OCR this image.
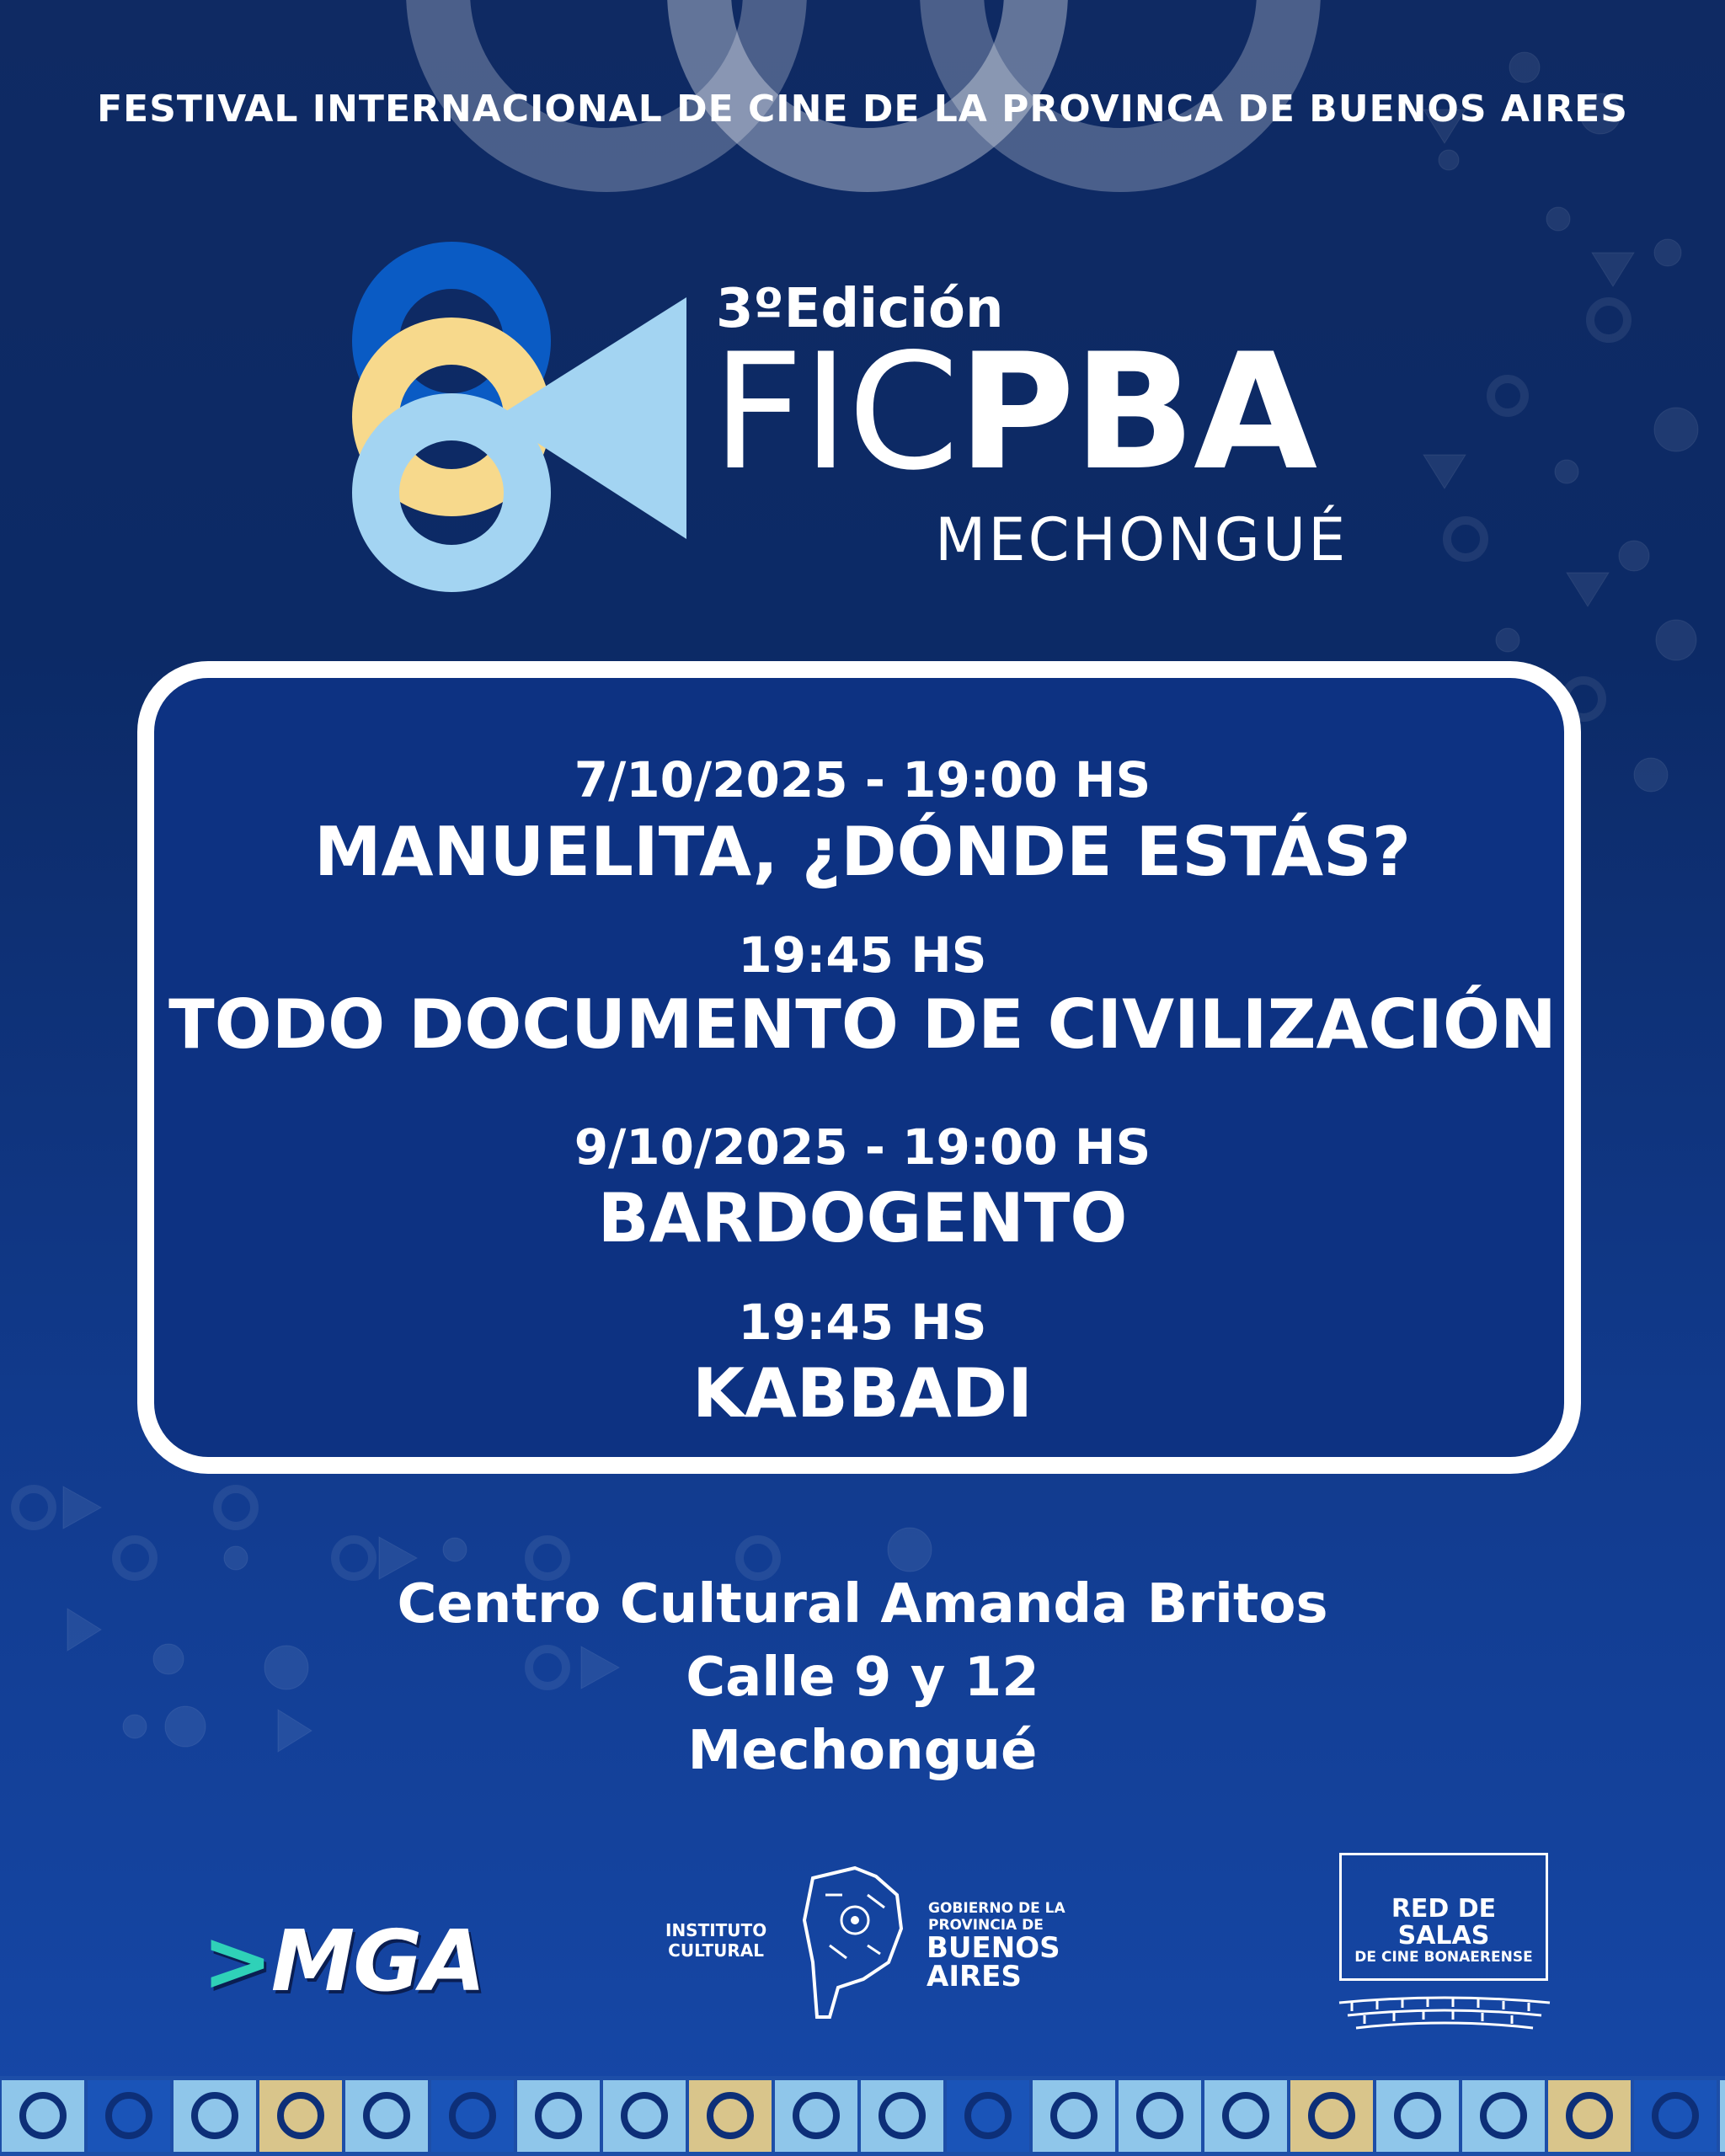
FESTIVAL INTERNACIONAL DE CINE DE LA PROVINCA DE BUENOS AIRES
3ºEdición
FICPBA
MECHONGUÉ
7/10/2025 - 19:00 HS
MANUELITA, ¿DÓNDE ESTÁS?
19:45 HS
TODO DOCUMENTO DE CIVILIZACIÓN
9/10/2025 - 19:00 HS
BARDOGENTO
19:45 HS
KABBADI
Centro Cultural Amanda Britos
Calle 9 y 12
Mechongué
>MGA	INSTITUTO
CULTURAL
GOBIERNO DE LA
PROVINCIA DE
BUENOS
AIRES
RED DE SALAS
DE CINE BONAERENSE
